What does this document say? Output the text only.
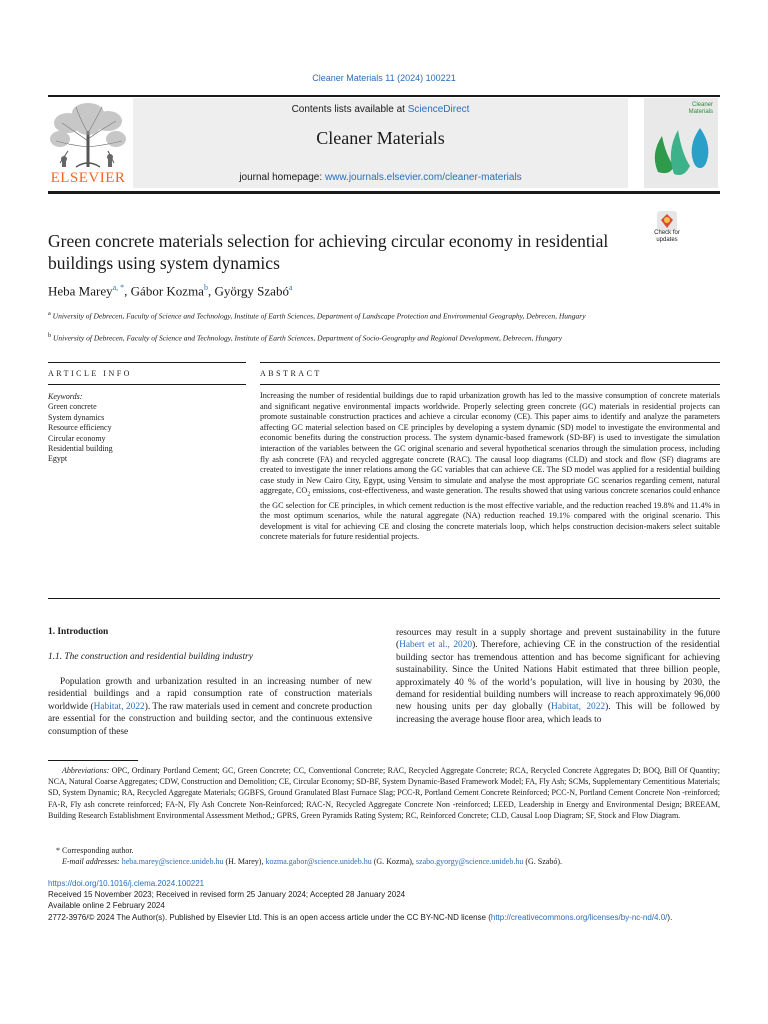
Cleaner Materials 11 (2024) 100221
ELSEVIER
Contents lists available at ScienceDirect
Cleaner Materials
journal homepage: www.journals.elsevier.com/cleaner-materials
Cleaner Materials
Check for updates
Green concrete materials selection for achieving circular economy in residential buildings using system dynamics
Heba Marey$^{a, *}$, Gábor Kozma$^b$, György Szabó$^a$
$^a$ University of Debrecen, Faculty of Science and Technology, Institute of Earth Sciences, Department of Landscape Protection and Environmental Geography, Debrecen, Hungary
$^b$ University of Debrecen, Faculty of Science and Technology, Institute of Earth Sciences, Department of Socio-Geography and Regional Development, Debrecen, Hungary
ARTICLE INFO	ABSTRACT
Keywords:
Green concrete
System dynamics
Resource efficiency
Circular economy
Residential building
Egypt
Increasing the number of residential buildings due to rapid urbanization growth has led to the massive consumption of concrete materials and significant negative environmental impacts worldwide. Properly selecting green concrete (GC) materials in residential projects can promote sustainable construction practices and achieve a circular economy (CE). This paper aims to identify and analyze the parameters affecting GC material selection based on CE principles by developing a system dynamic (SD) model to investigate the environmental and economic benefits during the construction process. The system dynamic-based framework (SD-BF) is used to investigate the simulation interaction of the variables between the GC original scenario and several hypothetical scenarios through the simulation process, including fly ash concrete (FA) and recycled aggregate concrete (RAC). The causal loop diagrams (CLD) and stock and flow (SF) diagrams are created to investigate the inner relations among the GC variables that can achieve CE. The SD model was applied for a residential building case study in New Cairo City, Egypt, using Vensim to simulate and analyse the most appropriate GC scenarios regarding cement, natural aggregate, $CO_2$ emissions, cost-effectiveness, and waste generation. The results showed that using various concrete scenarios could enhance the GC selection for CE principles, in which cement reduction is the most effective variable, and the reduction reached 19.8% and 11.4% in the most optimum scenarios, while the natural aggregate (NA) reduction reached 19.1% compared with the original scenario. This development is vital for achieving CE and closing the concrete materials loop, which helps construction decision-makers select suitable concrete materials for future residential projects.
1. Introduction
1.1. The construction and residential building industry
Population growth and urbanization resulted in an increasing number of new residential buildings and a rapid consumption rate of construction materials worldwide (Habitat, 2022). The raw materials used in cement and concrete production are essential for the construction and building sector, and the continuous extensive consumption of these
resources may result in a supply shortage and prevent sustainability in the future (Habert et al., 2020). Therefore, achieving CE in the construction of the residential building sector has tremendous attention and has become significant for achieving sustainability. Since the United Nations Habit estimated that three billion people, approximately 40 % of the world’s population, will live in housing by 2030, the demand for residential building numbers will increase to reach approximately 96,000 new housing units per day globally (Habitat, 2022). This will be followed by increasing the average house floor area, which leads to
Abbreviations: OPC, Ordinary Portland Cement; GC, Green Concrete; CC, Conventional Concrete; RAC, Recycled Aggregate Concrete; RCA, Recycled Concrete Aggregates D; BOQ, Bill Of Quantity; NCA, Natural Coarse Aggregates; CDW, Construction and Demolition; CE, Circular Economy; SD-BF, System Dynamic-Based Framework Model; FA, Fly Ash; SCMs, Supplementary Cementitious Materials; SD, System Dynamic; RA, Recycled Aggregate Materials; GGBFS, Ground Granulated Blast Furnace Slag; PCC-R, Portland Cement Concrete Reinforced; PCC-N, Portland Cement Concrete Non -reinforced; FA-R, Fly ash concrete reinforced; FA-N, Fly Ash Concrete Non-Reinforced; RAC-N, Recycled Aggregate Concrete Non -reinforced; LEED, Leadership in Energy and Environmental Design; BREEAM, Building Research Establishment Environmental Assessment Method,; GPRS, Green Pyramids Rating System; RC, Reinforced Concrete; CLD, Causal Loop Diagram; SF, Stock and Flow Diagram.
* Corresponding author.
E-mail addresses: heba.marey@science.unideb.hu (H. Marey), kozma.gabor@science.unideb.hu (G. Kozma), szabo.gyorgy@science.unideb.hu (G. Szabó).
https://doi.org/10.1016/j.clema.2024.100221
Received 15 November 2023; Received in revised form 25 January 2024; Accepted 28 January 2024
Available online 2 February 2024
2772-3976/© 2024 The Author(s). Published by Elsevier Ltd. This is an open access article under the CC BY-NC-ND license (http://creativecommons.org/licenses/by-nc-nd/4.0/).
